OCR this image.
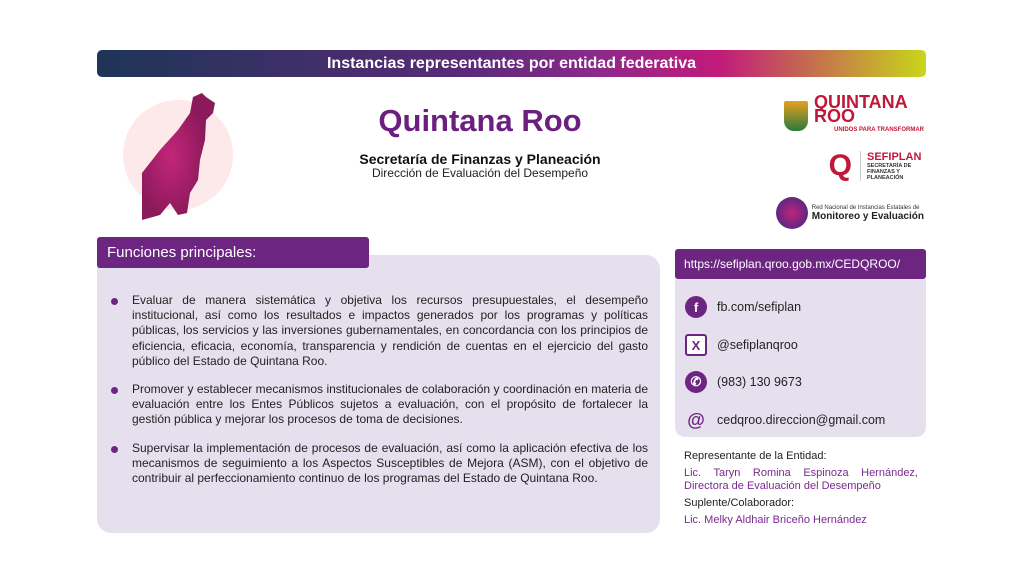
Instancias representantes por entidad federativa
Quintana Roo
Secretaría de Finanzas y Planeación
Dirección de Evaluación del Desempeño
QUINTANA ROO
UNIDOS PARA TRANSFORMAR
Q SEFIPLAN
SECRETARÍA DE FINANZAS Y PLANEACIÓN
Red Nacional de Instancias Estatales de
Monitoreo y Evaluación

Evaluar de manera sistemática y objetiva los recursos presupuestales, el desempeño institucional, así como los resultados e impactos generados por los programas y políticas públicas, los servicios y las inversiones gubernamentales, en concordancia con los principios de eficiencia, eficacia, economía, transparencia y rendición de cuentas en el ejercicio del gasto público del Estado de Quintana Roo.

Promover y establecer mecanismos institucionales de colaboración y coordinación en materia de evaluación entre los Entes Públicos sujetos a evaluación, con el propósito de fortalecer la gestión pública y mejorar los procesos de toma de decisiones.

Supervisar la implementación de procesos de evaluación, así como la aplicación efectiva de los mecanismos de seguimiento a los Aspectos Susceptibles de Mejora (ASM), con el objetivo de contribuir al perfeccionamiento continuo de los programas del Estado de Quintana Roo.

Funciones principales:
https://sefiplan.qroo.gob.mx/CEDQROO/
f	fb.com/sefiplan
X	@sefiplanqroo
✆	(983) 130 9673
@ cedqroo.direccion@gmail.com
Representante de la Entidad:
Lic. Taryn Romina Espinoza Hernández, Directora de Evaluación del Desempeño
Suplente/Colaborador:
Lic. Melky Aldhair Briceño Hernández
